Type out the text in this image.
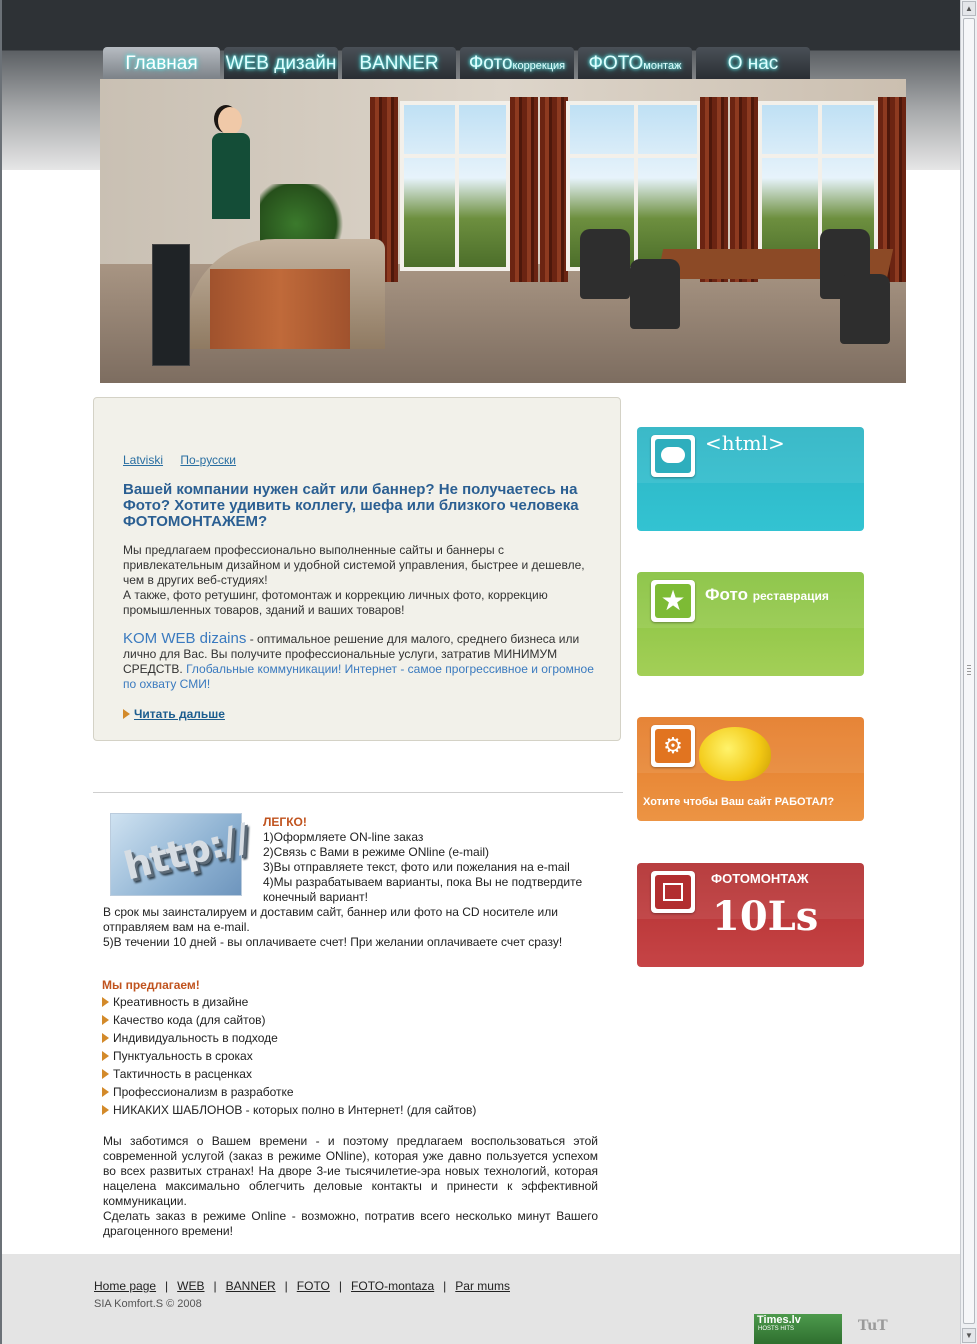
Главная	WEB дизайн	BANNER	Фотокоррекция	ФОТОмонтаж	О нас
Latviski По-русски
Вашей компании нужен сайт или баннер? Не получаетесь на Фото? Хотите удивить коллегу, шефа или близкого человека ФОТОМОНТАЖЕМ?
Мы предлагаем профессионально выполненные сайты и баннеры с привлекательным дизайном и удобной системой управления, быстрее и дешевле, чем в других веб-студиях!
А также, фото ретушинг, фотомонтаж и коррекцию личных фото, коррекцию промышленных товаров, зданий и ваших товаров!
KOM WEB dizains - оптимальное решение для малого, среднего бизнеса или лично для Вас. Вы получите профессиональные услуги, затратив МИНИМУМ СРЕДСТВ. Глобальные коммуникации! Интернет - самое прогрессивное и огромное по охвату СМИ!
Читать дальше
http:// ЛЕГКО!
1)Оформляете ON-line заказ
2)Связь с Вами в режиме ONline (e-mail)
3)Вы отправляете текст, фото или пожелания на e-mail
4)Мы разрабатываем варианты, пока Вы не подтвердите конечный вариант!
В срок мы заинсталируем и доставим сайт, баннер или фото на CD носителе или отправляем вам на e-mail.
5)В течении 10 дней - вы оплачиваете счет! При желании оплачиваете счет сразу!
Мы предлагаем!
Креативность в дизайне
Качество кода (для сайтов)
Индивидуальность в подходе
Пунктуальность в сроках
Тактичность в расценках
Профессионализм в разработке
НИКАКИХ ШАБЛОНОВ - которых полно в Интернет! (для сайтов)
Мы заботимся о Вашем времени - и поэтому предлагаем воспользоваться этой современной услугой (заказ в режиме ONline), которая уже давно пользуется успехом во всех развитых странах! На дворе 3-ие тысячилетие-эра новых технологий, которая нацелена максимально облегчить деловые контакты и принести к эффективной коммуникации.
Сделать заказ в режиме Online - возможно, потратив всего несколько минут Вашего драгоценного времени!
<html>
★	Фото реставрация
⚙
Хотите чтобы Ваш сайт РАБОТАЛ?
ФОТОМОНТАЖ
10Ls
Home page | WEB | BANNER | FOTO | FOTO-montaza | Par mums
SIA Komfort.S © 2008
Times.lv
HOSTS HITS	TuT
▲
▼
